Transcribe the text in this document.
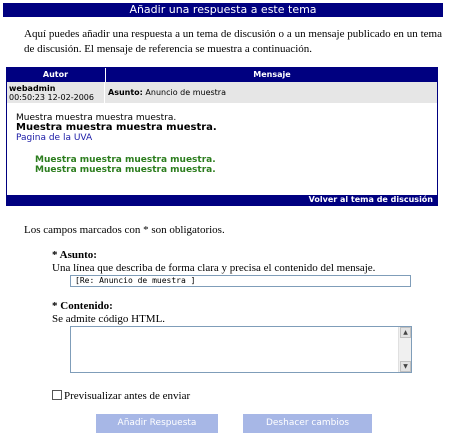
Añadir una respuesta a este tema
Aquí puedes añadir una respuesta a un tema de discusión o a un mensaje publicado en un tema de discusión. El mensaje de referencia se muestra a continuación.
Autor	Mensaje
webadmin
00:50:23 12-02-2006
Asunto: Anuncio de muestra
Muestra muestra muestra muestra.
Muestra muestra muestra muestra.
Pagina de la UVA
Muestra muestra muestra muestra.
Muestra muestra muestra muestra.
Volver al tema de discusión
Los campos marcados con * son obligatorios.
* Asunto:
Una línea que describa de forma clara y precisa el contenido del mensaje.
[Re: Anuncio de muestra ]
* Contenido:
Se admite código HTML.
▲
▼
Previsualizar antes de enviar
Añadir Respuesta	Deshacer cambios
